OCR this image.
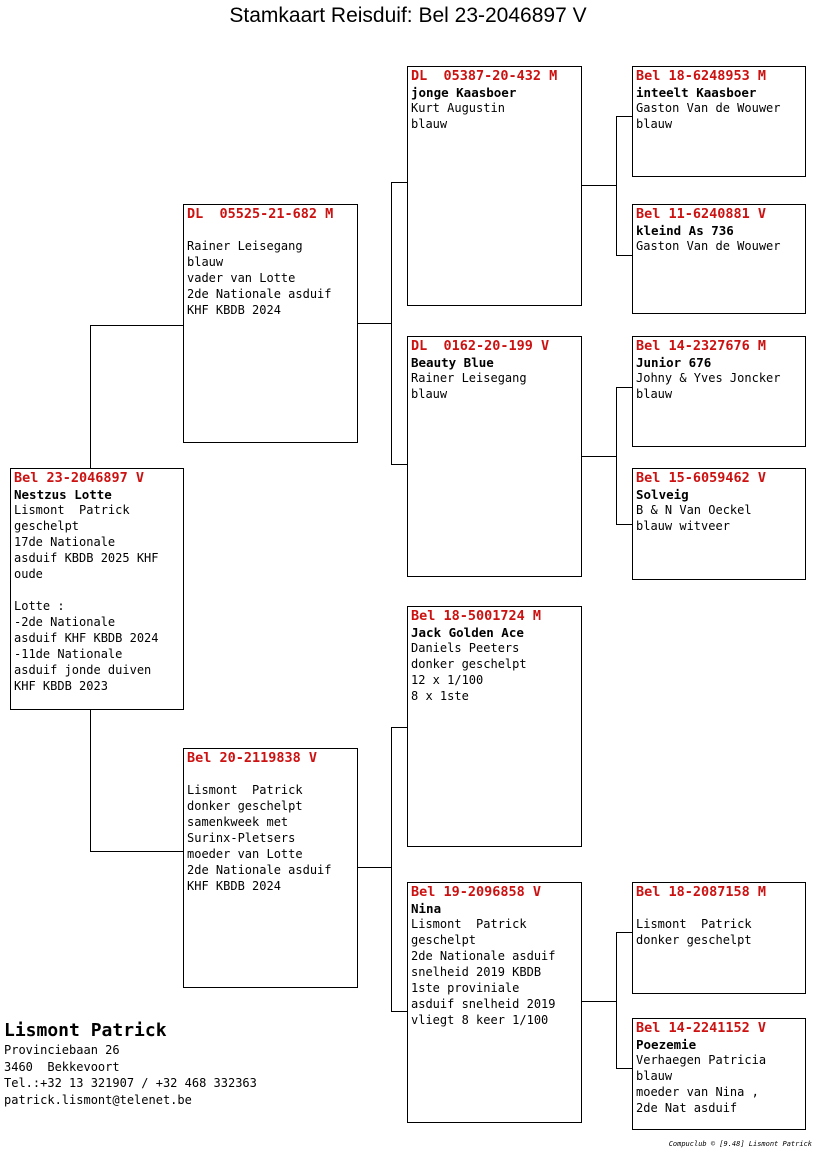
Stamkaart Reisduif: Bel 23-2046897 V
Bel 23-2046897 V
Nestzus Lotte
Lismont  Patrick
geschelpt
17de Nationale
asduif KBDB 2025 KHF
oude
Lotte :
-2de Nationale
asduif KHF KBDB 2024
-11de Nationale
asduif jonde duiven
KHF KBDB 2023
DL  05525-21-682 M
Rainer Leisegang
blauw
vader van Lotte
2de Nationale asduif
KHF KBDB 2024
Bel 20-2119838 V
Lismont  Patrick
donker geschelpt
samenkweek met
Surinx-Pletsers
moeder van Lotte
2de Nationale asduif
KHF KBDB 2024
DL  05387-20-432 M
jonge Kaasboer
Kurt Augustin
blauw
DL  0162-20-199 V
Beauty Blue
Rainer Leisegang
blauw
Bel 18-5001724 M
Jack Golden Ace
Daniels Peeters
donker geschelpt
12 x 1/100
8 x 1ste
Bel 19-2096858 V
Nina
Lismont  Patrick
geschelpt
2de Nationale asduif
snelheid 2019 KBDB
1ste proviniale
asduif snelheid 2019
vliegt 8 keer 1/100
Bel 18-6248953 M
inteelt Kaasboer
Gaston Van de Wouwer
blauw
Bel 11-6240881 V
kleind As 736
Gaston Van de Wouwer
Bel 14-2327676 M
Junior 676
Johny & Yves Joncker
blauw
Bel 15-6059462 V
Solveig
B & N Van Oeckel
blauw witveer
Bel 18-2087158 M
Lismont  Patrick
donker geschelpt
Bel 14-2241152 V
Poezemie
Verhaegen Patricia
blauw
moeder van Nina ,
2de Nat asduif
Lismont Patrick
Provinciebaan 26
3460  Bekkevoort
Tel.:+32 13 321907 / +32 468 332363
patrick.lismont@telenet.be
Compuclub © [9.48] Lismont Patrick
